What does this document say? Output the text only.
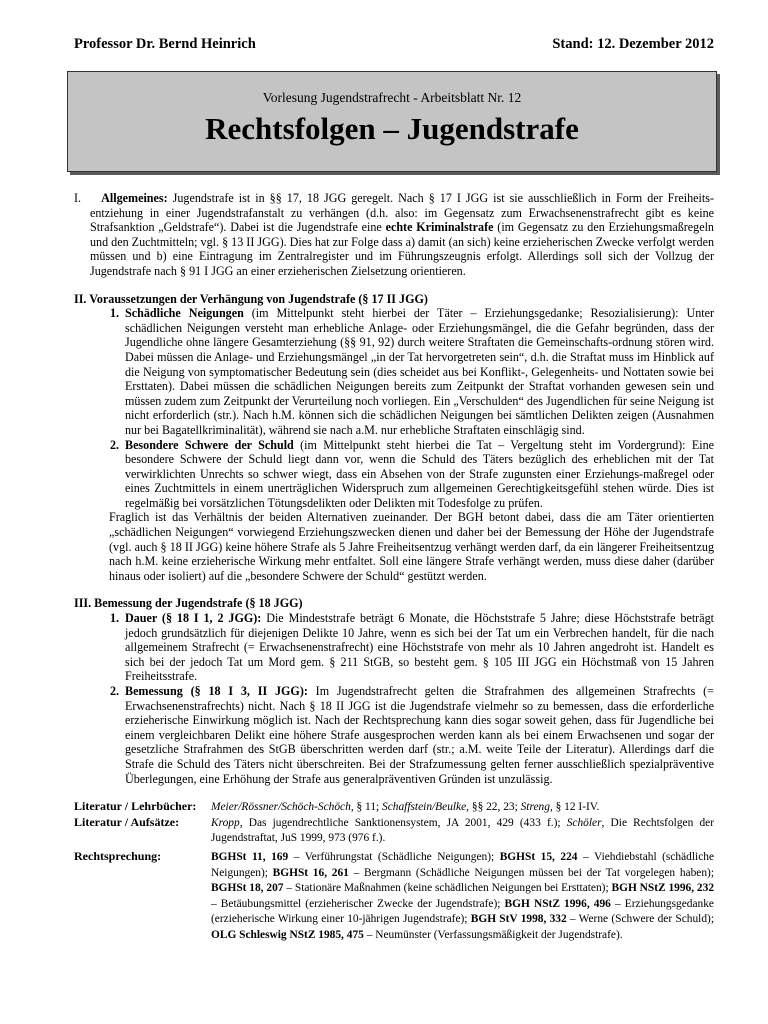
Professor Dr. Bernd Heinrich	Stand: 12. Dezember 2012
Vorlesung Jugendstrafrecht - Arbeitsblatt Nr. 12
Rechtsfolgen – Jugendstrafe

I. Allgemeines: Jugendstrafe ist in §§ 17, 18 JGG geregelt. Nach § 17 I JGG ist sie ausschließlich in Form der Freiheits-entziehung in einer Jugendstrafanstalt zu verhängen (d.h. also: im Gegensatz zum Erwachsenenstrafrecht gibt es keine Strafsanktion „Geldstrafe“). Dabei ist die Jugendstrafe eine echte Kriminalstrafe (im Gegensatz zu den Erziehungsmaßregeln und den Zuchtmitteln; vgl. § 13 II JGG). Dies hat zur Folge dass a) damit (an sich) keine erzieherischen Zwecke verfolgt werden müssen und b) eine Eintragung im Zentralregister und im Führungszeugnis erfolgt. Allerdings soll sich der Vollzug der Jugendstrafe nach § 91 I JGG an einer erzieherischen Zielsetzung orientieren.

II. Voraussetzungen der Verhängung von Jugendstrafe (§ 17 II JGG)

1. Schädliche Neigungen (im Mittelpunkt steht hierbei der Täter – Erziehungsgedanke; Resozialisierung): Unter schädlichen Neigungen versteht man erhebliche Anlage- oder Erziehungsmängel, die die Gefahr begründen, dass der Jugendliche ohne längere Gesamterziehung (§§ 91, 92) durch weitere Straftaten die Gemeinschafts-ordnung stören wird. Dabei müssen die Anlage- und Erziehungsmängel „in der Tat hervorgetreten sein“, d.h. die Straftat muss im Hinblick auf die Neigung von symptomatischer Bedeutung sein (dies scheidet aus bei Konflikt-, Gelegenheits- und Nottaten sowie bei Ersttaten). Dabei müssen die schädlichen Neigungen bereits zum Zeitpunkt der Straftat vorhanden gewesen sein und müssen zudem zum Zeitpunkt der Verurteilung noch vorliegen. Ein „Verschulden“ des Jugendlichen für seine Neigung ist nicht erforderlich (str.). Nach h.M. können sich die schädlichen Neigungen bei sämtlichen Delikten zeigen (Ausnahmen nur bei Bagatellkriminalität), während sie nach a.M. nur erhebliche Straftaten einschlägig sind.

2. Besondere Schwere der Schuld (im Mittelpunkt steht hierbei die Tat – Vergeltung steht im Vordergrund): Eine besondere Schwere der Schuld liegt dann vor, wenn die Schuld des Täters bezüglich des erheblichen mit der Tat verwirklichten Unrechts so schwer wiegt, dass ein Absehen von der Strafe zugunsten einer Erziehungs-maßregel oder eines Zuchtmittels in einem unerträglichen Widerspruch zum allgemeinen Gerechtigkeitsgefühl stehen würde. Dies ist regelmäßig bei vorsätzlichen Tötungsdelikten oder Delikten mit Todesfolge zu prüfen.

Fraglich ist das Verhältnis der beiden Alternativen zueinander. Der BGH betont dabei, dass die am Täter orientierten „schädlichen Neigungen“ vorwiegend Erziehungszwecken dienen und daher bei der Bemessung der Höhe der Jugendstrafe (vgl. auch § 18 II JGG) keine höhere Strafe als 5 Jahre Freiheitsentzug verhängt werden darf, da ein längerer Freiheitsentzug nach h.M. keine erzieherische Wirkung mehr entfaltet. Soll eine längere Strafe verhängt werden, muss diese daher (darüber hinaus oder isoliert) auf die „besondere Schwere der Schuld“ gestützt werden.

III. Bemessung der Jugendstrafe (§ 18 JGG)

1. Dauer (§ 18 I 1, 2 JGG): Die Mindeststrafe beträgt 6 Monate, die Höchststrafe 5 Jahre; diese Höchststrafe beträgt jedoch grundsätzlich für diejenigen Delikte 10 Jahre, wenn es sich bei der Tat um ein Verbrechen handelt, für die nach allgemeinem Strafrecht (= Erwachsenenstrafrecht) eine Höchststrafe von mehr als 10 Jahren angedroht ist. Handelt es sich bei der jedoch Tat um Mord gem. § 211 StGB, so besteht gem. § 105 III JGG ein Höchstmaß von 15 Jahren Freiheitsstrafe.

2. Bemessung (§ 18 I 3, II JGG): Im Jugendstrafrecht gelten die Strafrahmen des allgemeinen Strafrechts (= Erwachsenenstrafrechts) nicht. Nach § 18 II JGG ist die Jugendstrafe vielmehr so zu bemessen, dass die erforderliche erzieherische Einwirkung möglich ist. Nach der Rechtsprechung kann dies sogar soweit gehen, dass für Jugendliche bei einem vergleichbaren Delikt eine höhere Strafe ausgesprochen werden kann als bei einem Erwachsenen und sogar der gesetzliche Strafrahmen des StGB überschritten werden darf (str.; a.M. weite Teile der Literatur). Allerdings darf die Strafe die Schuld des Täters nicht überschreiten. Bei der Strafzumessung gelten ferner ausschließlich spezialpräventive Überlegungen, eine Erhöhung der Strafe aus generalpräventiven Gründen ist unzulässig.

Literatur / Lehrbücher: Meier/Rössner/Schöch-Schöch, § 11; Schaffstein/Beulke, §§ 22, 23; Streng, § 12 I-IV.
Literatur / Aufsätze:	Kropp, Das jugendrechtliche Sanktionensystem, JA 2001, 429 (433 f.); Schöler, Die Rechtsfolgen der Jugendstraftat, JuS 1999, 973 (976 f.).
Rechtsprechung:	BGHSt 11, 169 – Verführungstat (Schädliche Neigungen); BGHSt 15, 224 – Viehdiebstahl (schädliche Neigungen); BGHSt 16, 261 – Bergmann (Schädliche Neigungen müssen bei der Tat vorgelegen haben); BGHSt 18, 207 – Stationäre Maßnahmen (keine schädlichen Neigungen bei Ersttaten); BGH NStZ 1996, 232 – Betäubungsmittel (erzieherischer Zwecke der Jugendstrafe); BGH NStZ 1996, 496 – Erziehungsgedanke (erzieherische Wirkung einer 10-jährigen Jugendstrafe); BGH StV 1998, 332 – Werne (Schwere der Schuld); OLG Schleswig NStZ 1985, 475 – Neumünster (Verfassungsmäßigkeit der Jugendstrafe).
